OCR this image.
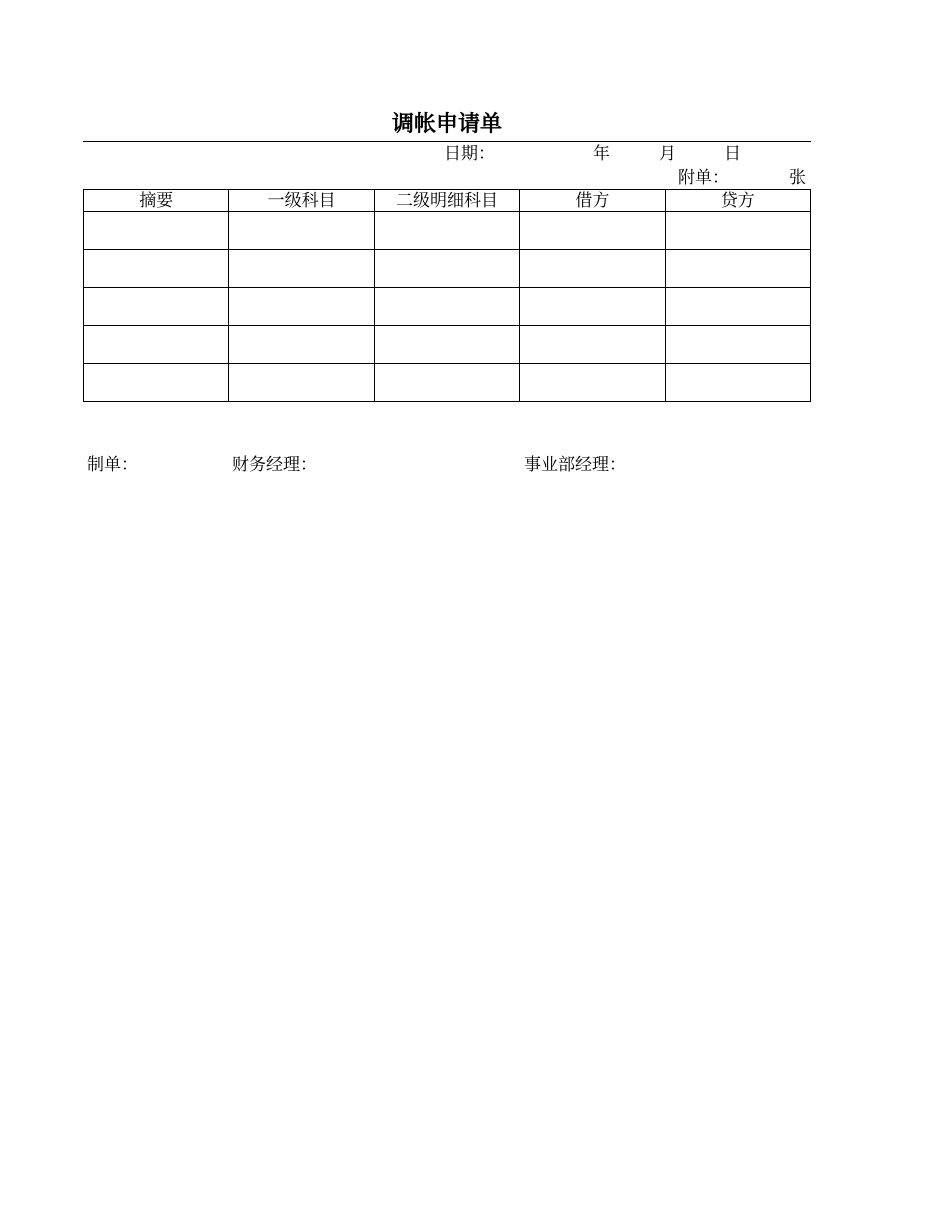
调帐申请单
日期：	年	月	日
附单：	张
摘要	一级科目	二级明细科目	借方	贷方

制单：	财务经理：	事业部经理：
